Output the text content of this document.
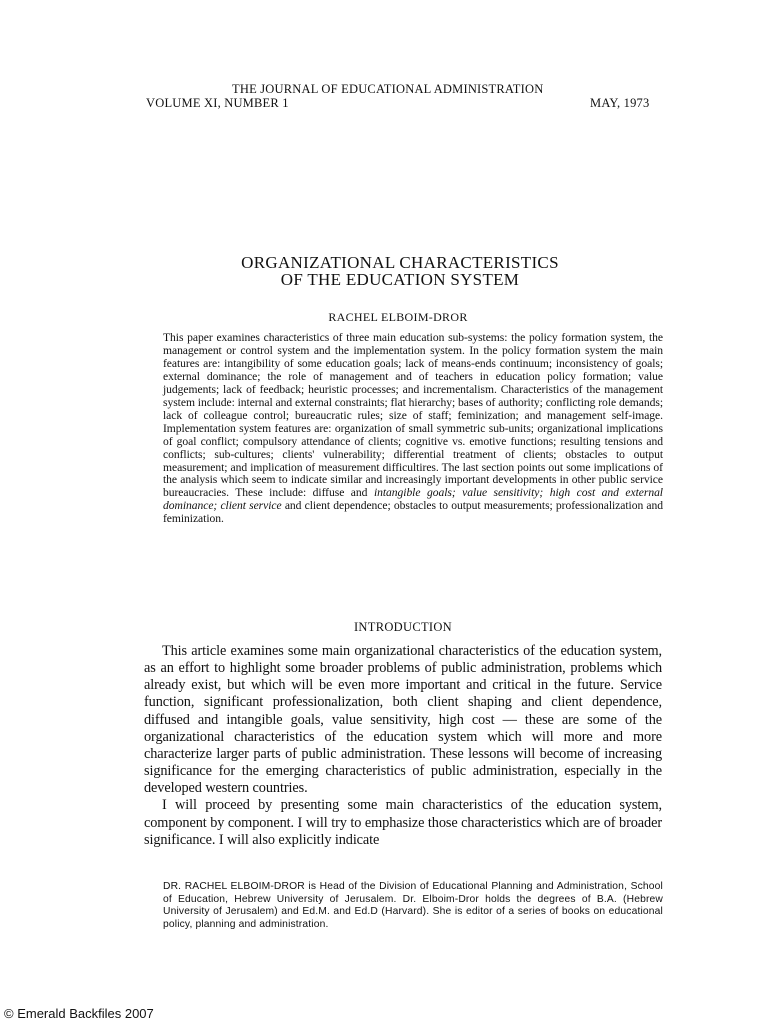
THE JOURNAL OF EDUCATIONAL ADMINISTRATION
VOLUME XI, NUMBER 1	MAY, 1973
ORGANIZATIONAL CHARACTERISTICS
OF THE EDUCATION SYSTEM
RACHEL ELBOIM-DROR
This paper examines characteristics of three main education sub-systems: the policy formation system, the management or control system and the implementation system. In the policy formation system the main features are: intangibility of some education goals; lack of means-ends continuum; inconsistency of goals; external dominance; the role of management and of teachers in education policy formation; value judgements; lack of feedback; heuristic processes; and incrementalism. Characteristics of the management system include: internal and external constraints; flat hierarchy; bases of authority; conflicting role demands; lack of colleague control; bureaucratic rules; size of staff; feminization; and management self-image. Implementation system features are: organization of small symmetric sub-units; organizational implications of goal conflict; compulsory attendance of clients; cognitive vs. emotive functions; resulting tensions and conflicts; sub-cultures; clients' vulnerability; differential treatment of clients; obstacles to output measurement; and implication of measurement difficultires. The last section points out some implications of the analysis which seem to indicate similar and increasingly important developments in other public service bureaucracies. These include: diffuse and intangible goals; value sensitivity; high cost and external dominance; client service and client dependence; obstacles to output measurements; professionalization and feminization.
INTRODUCTION

This article examines some main organizational characteristics of the education system, as an effort to highlight some broader problems of public administration, problems which already exist, but which will be even more important and critical in the future. Service function, significant professionalization, both client shaping and client dependence, diffused and intangible goals, value sensitivity, high cost — these are some of the organizational characteristics of the education system which will more and more characterize larger parts of public administration. These lessons will become of increasing significance for the emerging characteristics of public administration, especially in the developed western countries.

I will proceed by presenting some main characteristics of the education system, component by component. I will try to emphasize those characteristics which are of broader significance. I will also explicitly indicate

DR. RACHEL ELBOIM-DROR is Head of the Division of Educational Planning and Administration, School of Education, Hebrew University of Jerusalem. Dr. Elboim-Dror holds the degrees of B.A. (Hebrew University of Jerusalem) and Ed.M. and Ed.D (Harvard). She is editor of a series of books on educational policy, planning and administration.
© Emerald Backfiles 2007
